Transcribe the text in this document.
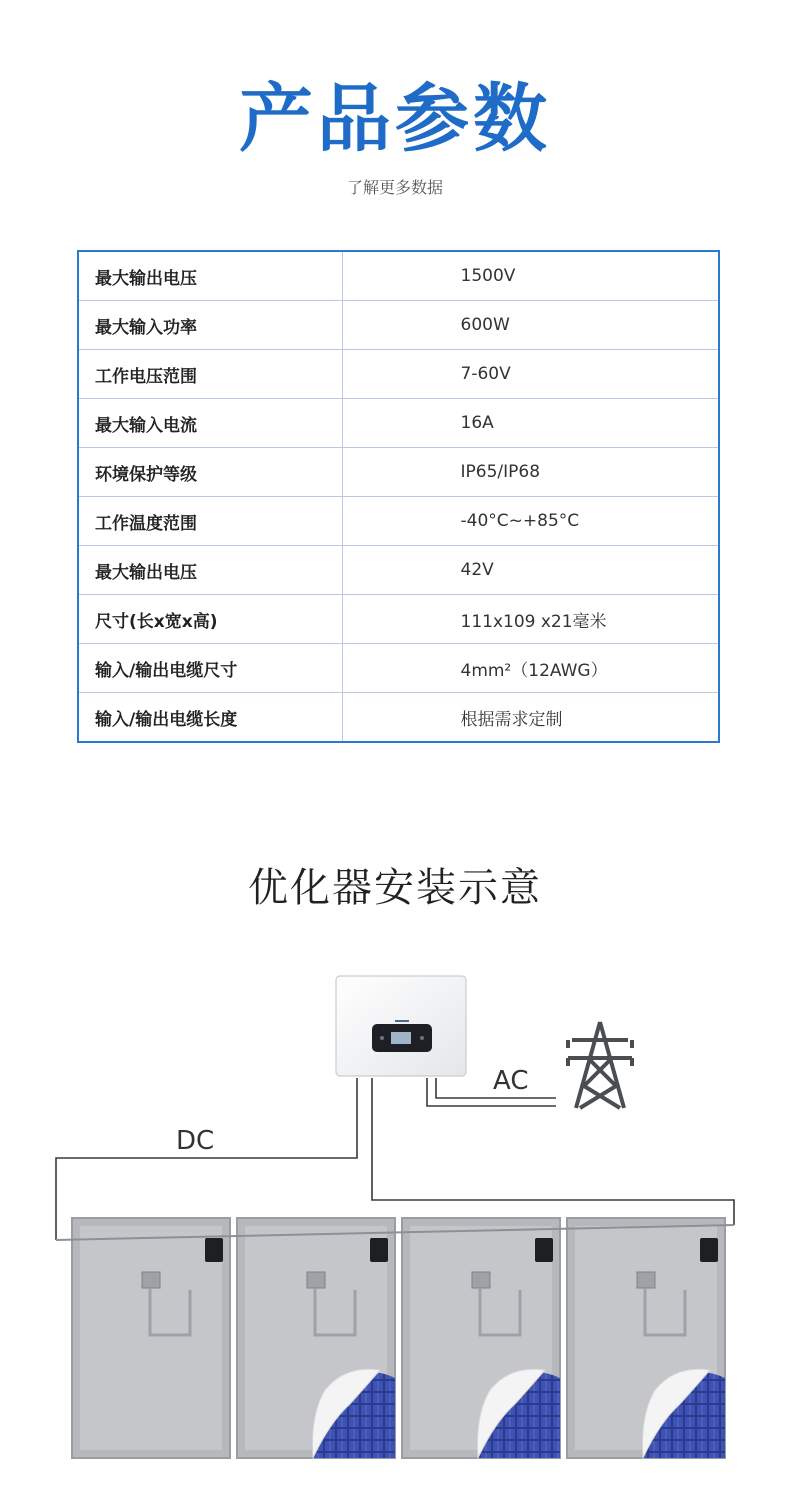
产品参数
了解更多数据
最大输出电压	1500V
最大输入功率	600W
工作电压范围	7-60V
最大输入电流	16A
环境保护等级	IP65/IP68
工作温度范围	-40°C~+85°C
最大输出电压	42V
尺寸(长x宽x高)	111x109 x21毫米
输入/输出电缆尺寸	4mm²（12AWG）
输入/输出电缆长度	根据需求定制
优化器安装示意
AC
DC
